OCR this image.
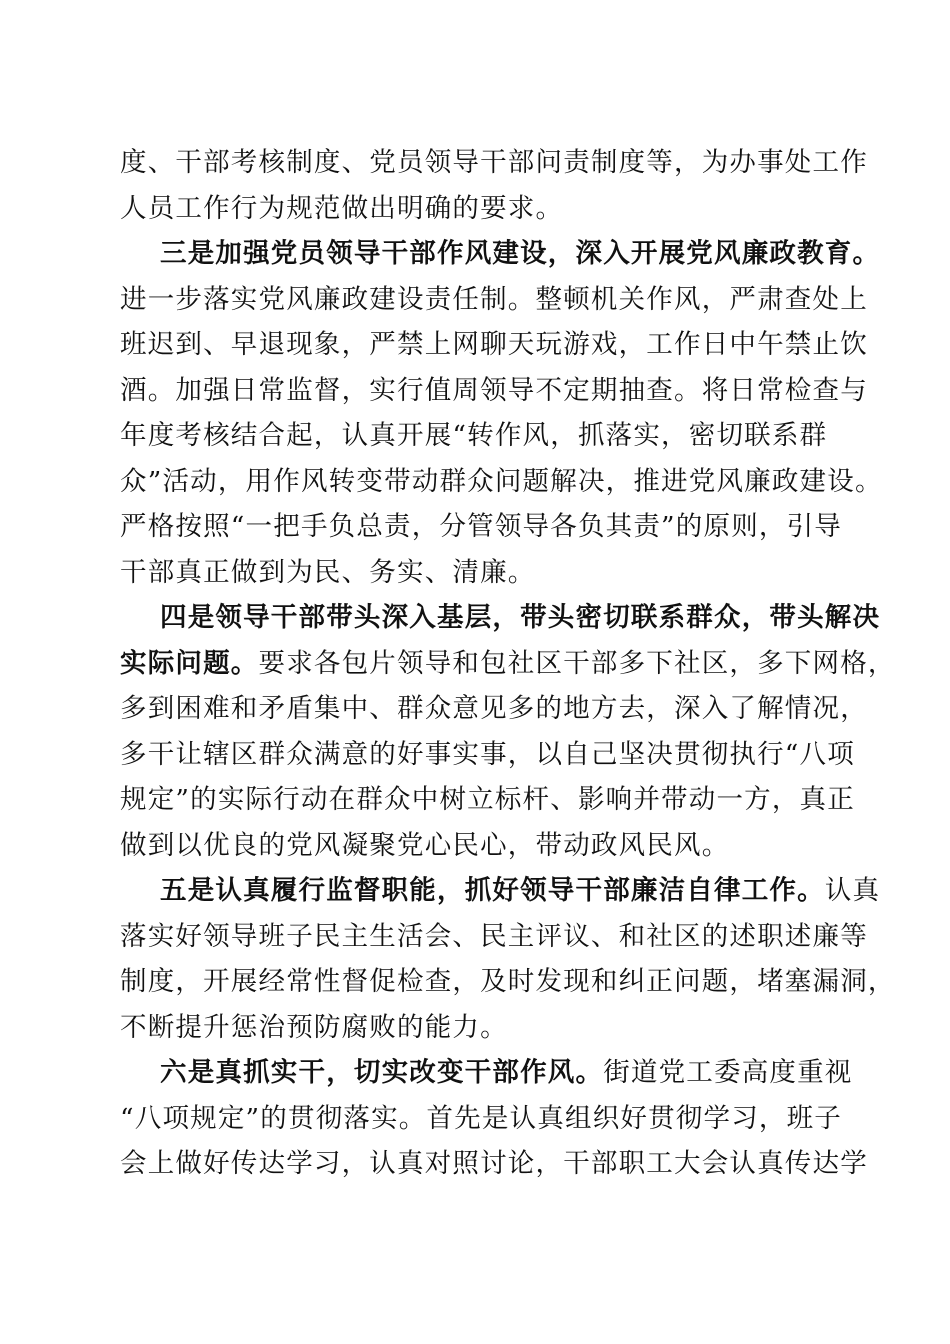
度、干部考核制度、党员领导干部问责制度等，为办事处工作
人员工作行为规范做出明确的要求。
三是加强党员领导干部作风建设，深入开展党风廉政教育。
进一步落实党风廉政建设责任制。整顿机关作风，严肃查处上
班迟到、早退现象，严禁上网聊天玩游戏，工作日中午禁止饮
酒。加强日常监督，实行值周领导不定期抽查。将日常检查与
年度考核结合起，认真开展“转作风，抓落实，密切联系群
众”活动，用作风转变带动群众问题解决，推进党风廉政建设。
严格按照“一把手负总责，分管领导各负其责”的原则，引导
干部真正做到为民、务实、清廉。
四是领导干部带头深入基层，带头密切联系群众，带头解决
实际问题。要求各包片领导和包社区干部多下社区，多下网格，
多到困难和矛盾集中、群众意见多的地方去，深入了解情况，
多干让辖区群众满意的好事实事，以自己坚决贯彻执行“八项
规定”的实际行动在群众中树立标杆、影响并带动一方，真正
做到以优良的党风凝聚党心民心，带动政风民风。
五是认真履行监督职能，抓好领导干部廉洁自律工作。认真
落实好领导班子民主生活会、民主评议、和社区的述职述廉等
制度，开展经常性督促检查，及时发现和纠正问题，堵塞漏洞，
不断提升惩治预防腐败的能力。
六是真抓实干，切实改变干部作风。街道党工委高度重视
“八项规定”的贯彻落实。首先是认真组织好贯彻学习，班子
会上做好传达学习，认真对照讨论，干部职工大会认真传达学
